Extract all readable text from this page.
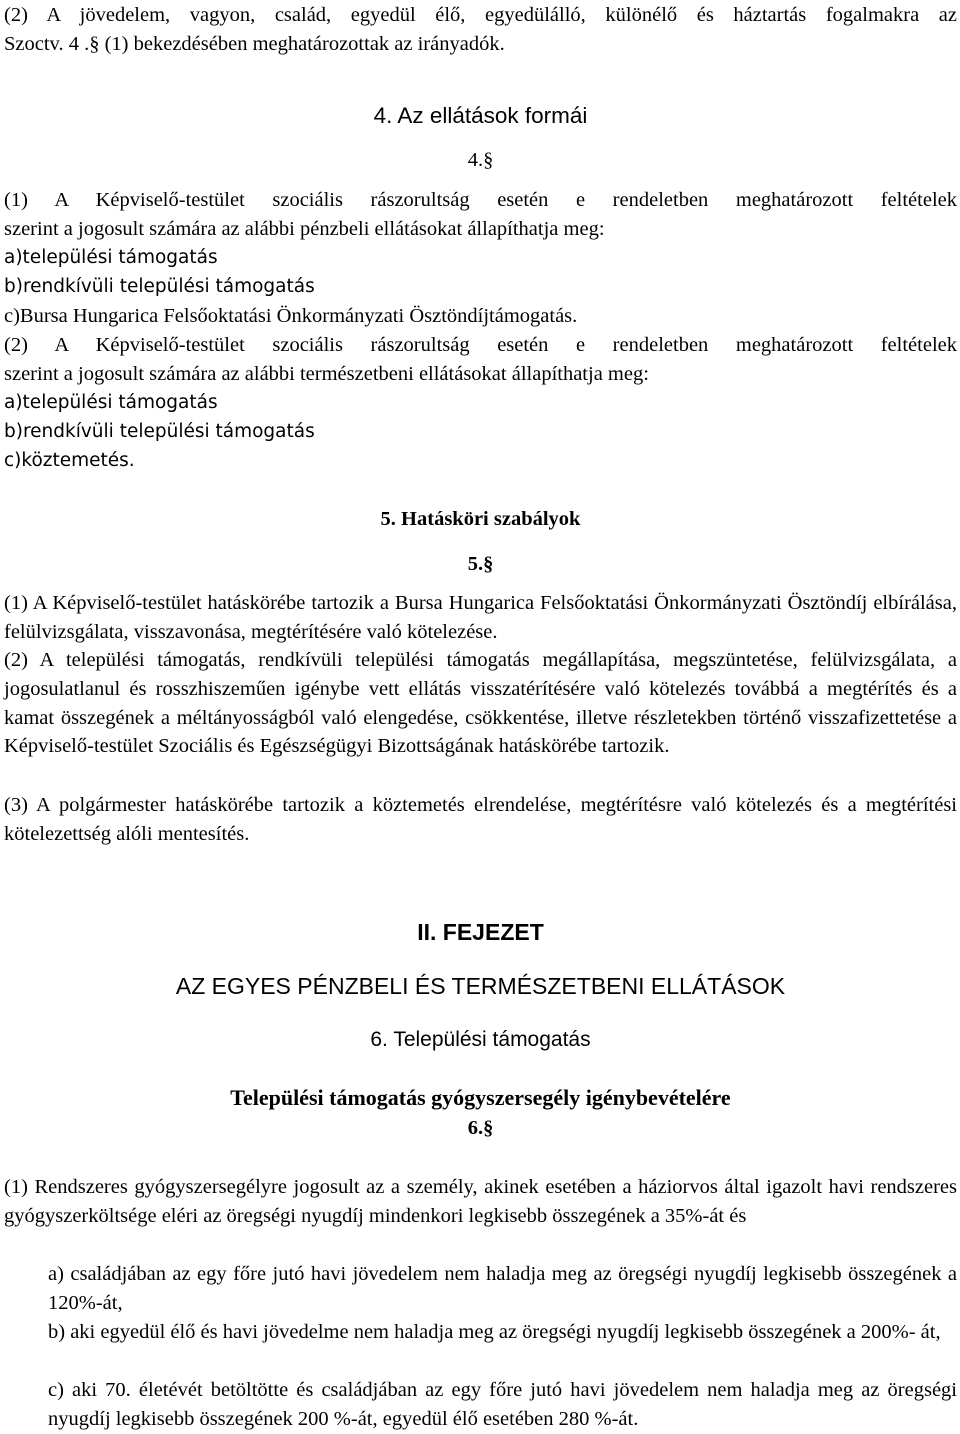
(2) A jövedelem, vagyon, család, egyedül élő, egyedülálló, különélő és háztartás fogalmakra az

Szoctv. 4 .§ (1) bekezdésében meghatározottak az irányadók.

4. Az ellátások formái

4.§

(1) A Képviselő-testület szociális rászorultság esetén e rendeletben meghatározott feltételek

szerint a jogosult számára az alábbi pénzbeli ellátásokat állapíthatja meg:

a)települési támogatás

b)rendkívüli települési támogatás

c)Bursa Hungarica Felsőoktatási Önkormányzati Ösztöndíjtámogatás.

(2) A Képviselő-testület szociális rászorultság esetén e rendeletben meghatározott feltételek

szerint a jogosult számára az alábbi természetbeni ellátásokat állapíthatja meg:

a)települési támogatás

b)rendkívüli települési támogatás

c)köztemetés.

5. Hatásköri szabályok

5.§

(1) A Képviselő-testület hatáskörébe tartozik a Bursa Hungarica Felsőoktatási Önkormányzati Ösztöndíj elbírálása, felülvizsgálata, visszavonása, megtérítésére való kötelezése.

(2) A települési támogatás, rendkívüli települési támogatás megállapítása, megszüntetése, felülvizsgálata, a jogosulatlanul és rosszhiszeműen igénybe vett ellátás visszatérítésére való kötelezés továbbá a megtérítés és a kamat összegének a méltányosságból való elengedése, csökkentése, illetve részletekben történő visszafizettetése a Képviselő-testület Szociális és Egészségügyi Bizottságának hatáskörébe tartozik.

(3) A polgármester hatáskörébe tartozik a köztemetés elrendelése, megtérítésre való kötelezés és a megtérítési kötelezettség alóli mentesítés.

II. FEJEZET

AZ EGYES PÉNZBELI ÉS TERMÉSZETBENI ELLÁTÁSOK

6. Települési támogatás

Települési támogatás gyógyszersegély igénybevételére

6.§

(1) Rendszeres gyógyszersegélyre jogosult az a személy, akinek esetében a háziorvos által igazolt havi rendszeres gyógyszerköltsége eléri az öregségi nyugdíj mindenkori legkisebb összegének a 35%-át és

a) családjában az egy főre jutó havi jövedelem nem haladja meg az öregségi nyugdíj legkisebb összegének a 120%-át,

b) aki egyedül élő és havi jövedelme nem haladja meg az öregségi nyugdíj legkisebb összegének a 200%- át,

c) aki 70. életévét betöltötte és családjában az egy főre jutó havi jövedelem nem haladja meg az öregségi nyugdíj legkisebb összegének 200 %-át, egyedül élő esetében 280 %-át.
